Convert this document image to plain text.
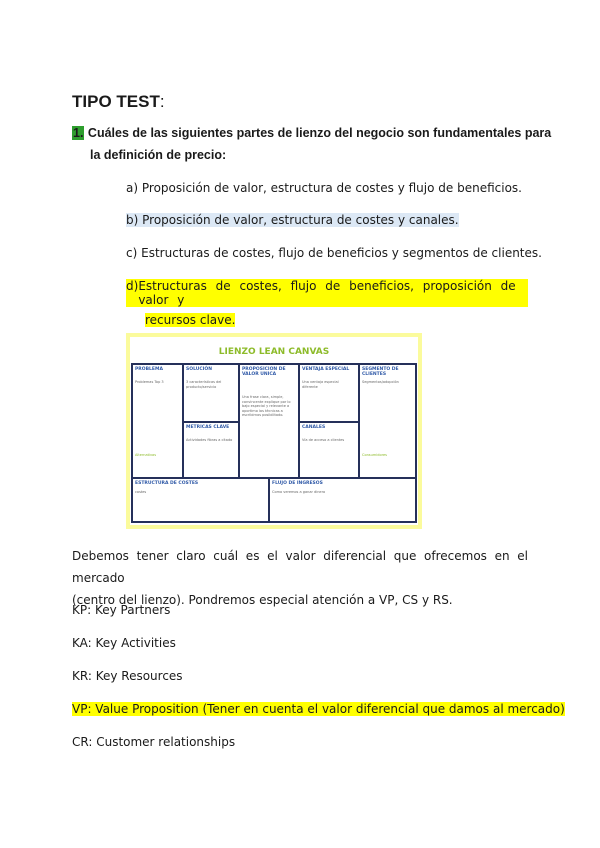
TIPO TEST:
1. Cuáles de las siguientes partes de lienzo del negocio son fundamentales para
la definición de precio:
a) Proposición de valor, estructura de costes y flujo de beneficios.
b) Proposición de valor, estructura de costes y canales.
c) Estructuras de costes, flujo de beneficios y segmentos de clientes.
d) Estructuras de costes, flujo de beneficios, proposición de valor y
recursos clave.
LIENZO LEAN CANVAS
PROBLEMA
Problemas Top 3
Alternativas
SOLUCIÓN
3 características del producto/servicio
METRICAS CLAVE
Actividades fibras a citado
PROPOSICION DE VALOR UNICA
Una frase clara, simple, convincente explique por lo bajo especial y relevante a oportimo las técnicas a escribirnos posibilitado.
VENTAJA ESPECIAL
Una ventaja especial diferente
CANALES
Vía de acceso a clientes
SEGMENTO DE CLIENTES
Segmentos/adopción
Consumidores
ESTRUCTURA DE COSTES
costes
FLUJO DE INGRESOS
Como veremos a ganar dinero
Debemos tener claro cuál es el valor diferencial que ofrecemos en el mercado
(centro del lienzo). Pondremos especial atención a VP, CS y RS.
KP: Key Partners
KA: Key Activities
KR: Key Resources
VP: Value Proposition (Tener en cuenta el valor diferencial que damos al mercado)
CR: Customer relationships
